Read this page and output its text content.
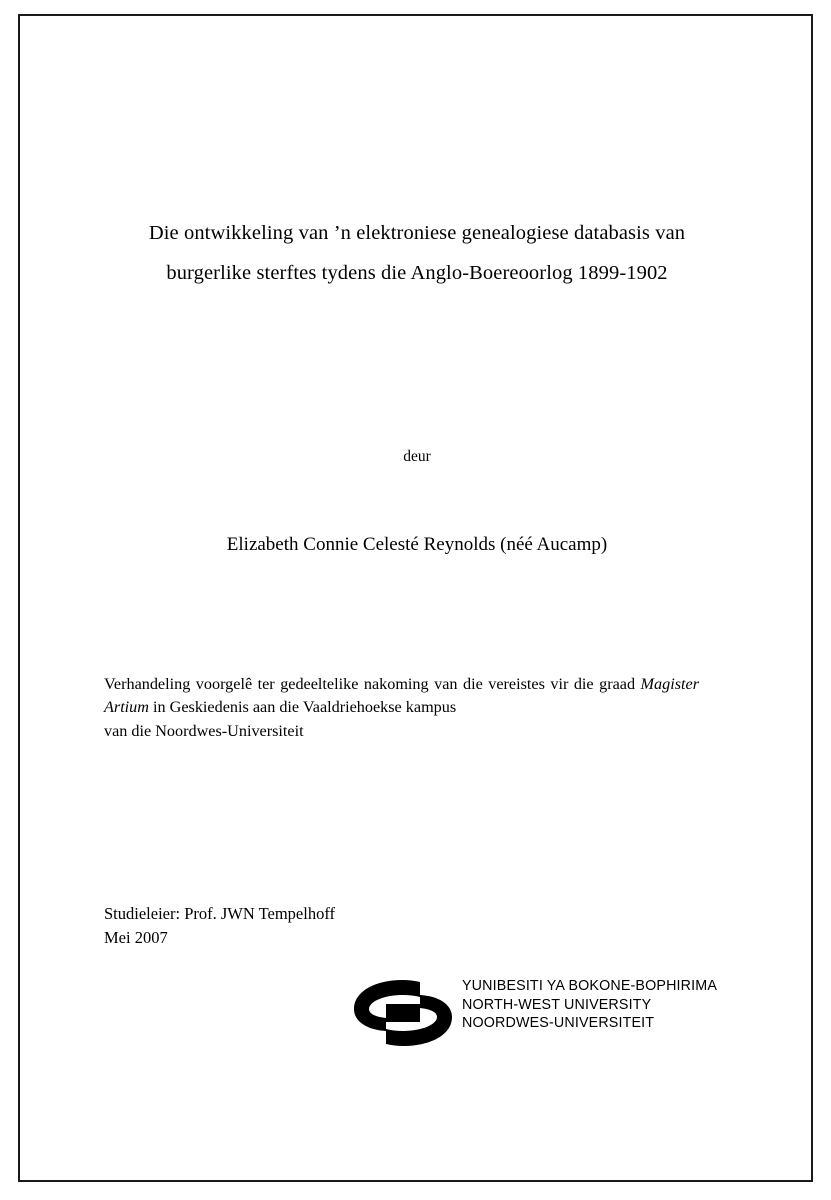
Die ontwikkeling van ’n elektroniese genealogiese databasis van
burgerlike sterftes tydens die Anglo-Boereoorlog 1899-1902
deur
Elizabeth Connie Celesté Reynolds (néé Aucamp)

Verhandeling voorgelê ter gedeeltelike nakoming van die vereistes vir die graad Magister Artium in Geskiedenis aan die Vaaldriehoekse kampus

van die Noordwes-Universiteit

Studieleier: Prof. JWN Tempelhoff
Mei 2007
YUNIBESITI YA BOKONE-BOPHIRIMA
NORTH-WEST UNIVERSITY
NOORDWES-UNIVERSITEIT
